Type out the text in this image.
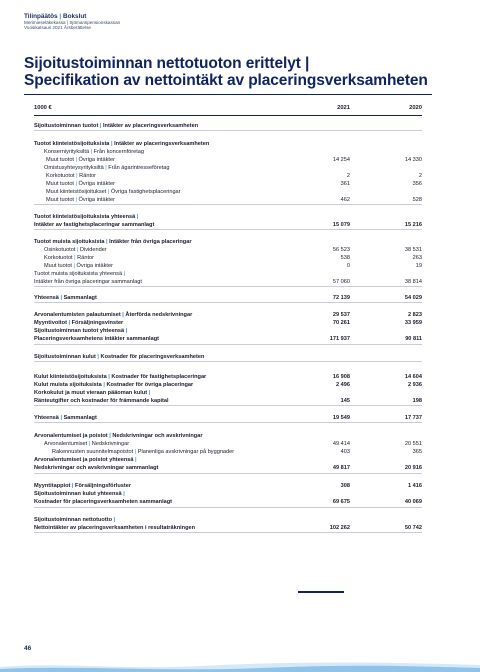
Tilinpäätös | Bokslut
Merimieseläkekassa | Sjömanspensionskassan
Vuosikatsaus 2021 Årsberättelse
Sijoitustoiminnan nettotuoton erittelyt |
Specifikation av nettointäkt av placeringsverksamheten
1000 €	2021	2020
Sijoitustoiminnan tuotot | Intäkter av placeringsverksamheten
Tuotot kiinteistösijoituksista | Intäkter av placeringsverksamheten
Konserniyrityksiltä | Från koncernföretag
Muut tuotot | Övriga intäkter	14 254	14 330
Omistusyhteysyrityksiltä | Från ägarintresseföretag
Korkotuotot | Räntor	2	2
Muut tuotot | Övriga intäkter	361	356
Muut kiinteistösijoitukset | Övriga fastighetsplaceringar
Muut tuotot | Övriga intäkter	462	528
Tuotot kiinteistösijoituksista yhteensä |
Intäkter av fastighetsplaceringar sammanlagt	15 079	15 216
Tuotot muista sijoituksista | Intäkter från övriga placeringar
Osinkotuotot | Dividender	56 523	38 531
Korkotuotot | Räntor	538	263
Muut tuotot | Övriga intäkter	0	19
Tuotot muista sijoituksista yhteensä |
Intäkter från övriga placeringar sammanlagt	57 060	38 814
Yhteensä | Sammanlagt	72 139	54 029
Arvonalentumisten palautumiset | Återförda nedskrivningar	29 537	2 823
Myyntivoitot | Försäljningsvinster	70 261	33 959
Sijoitustoiminnan tuotot yhteensä |
Placeringsverksamhetens intäkter sammanlagt	171 937	90 811
Sijoitustoiminnan kulut | Kostnader för placeringsverksamheten
Kulut kiinteistösijoituksista | Kostnader för fastighetsplaceringar	16 908	14 604
Kulut muista sijoituksista | Kostnader för övriga placeringar	2 496	2 936
Korkokulut ja muut vieraan pääoman kulut |
Ränteutgifter och kostnader för främmande kapital	145	198
Yhteensä | Sammanlagt	19 549	17 737
Arvonalentumiset ja poistot | Nedskrivningar och avskrivningar
Arvonalentumiset | Nedskrivningar	49 414	20 551
Rakennusten suunnitelmapoistot | Planenliga avskrivningar på byggnader	403	365
Arvonalentumiset ja poistot yhteensä |
Nedskrivningar och avskrivningar sammanlagt	49 817	20 916
Myyntitappiot | Försäljningsförluster	308	1 416
Sijoitustoiminnan kulut yhteensä |
Kostnader för placeringsverksamheten sammanlagt	69 675	40 069
Sijoitustoiminnan nettotuotto |
Nettointäkter av placeringsverksamheten i resultaträkningen	102 262	50 742
46
